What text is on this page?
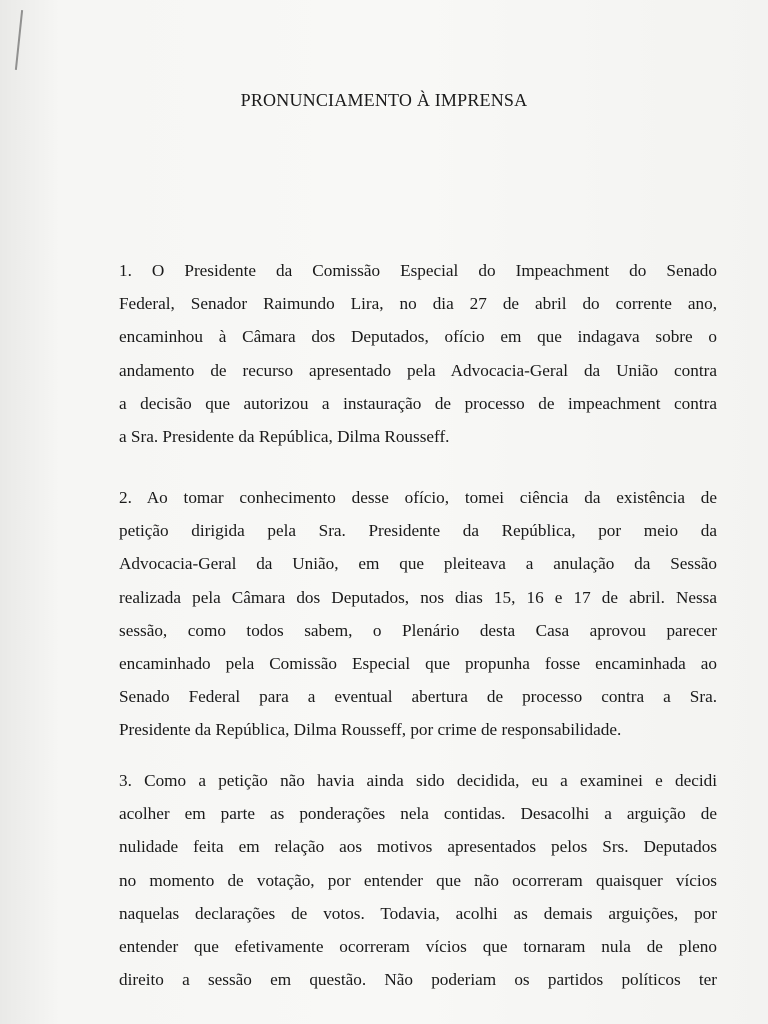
PRONUNCIAMENTO À IMPRENSA
1. O Presidente da Comissão Especial do Impeachment do Senado
Federal, Senador Raimundo Lira, no dia 27 de abril do corrente ano,
encaminhou à Câmara dos Deputados, ofício em que indagava sobre o
andamento de recurso apresentado pela Advocacia-Geral da União contra
a decisão que autorizou a instauração de processo de impeachment contra
a Sra. Presidente da República, Dilma Rousseff.
2. Ao tomar conhecimento desse ofício, tomei ciência da existência de
petição dirigida pela Sra. Presidente da República, por meio da
Advocacia-Geral da União, em que pleiteava a anulação da Sessão
realizada pela Câmara dos Deputados, nos dias 15, 16 e 17 de abril. Nessa
sessão, como todos sabem, o Plenário desta Casa aprovou parecer
encaminhado pela Comissão Especial que propunha fosse encaminhada ao
Senado Federal para a eventual abertura de processo contra a Sra.
Presidente da República, Dilma Rousseff, por crime de responsabilidade.
3. Como a petição não havia ainda sido decidida, eu a examinei e decidi
acolher em parte as ponderações nela contidas. Desacolhi a arguição de
nulidade feita em relação aos motivos apresentados pelos Srs. Deputados
no momento de votação, por entender que não ocorreram quaisquer vícios
naquelas declarações de votos. Todavia, acolhi as demais arguições, por
entender que efetivamente ocorreram vícios que tornaram nula de pleno
direito a sessão em questão. Não poderiam os partidos políticos ter
